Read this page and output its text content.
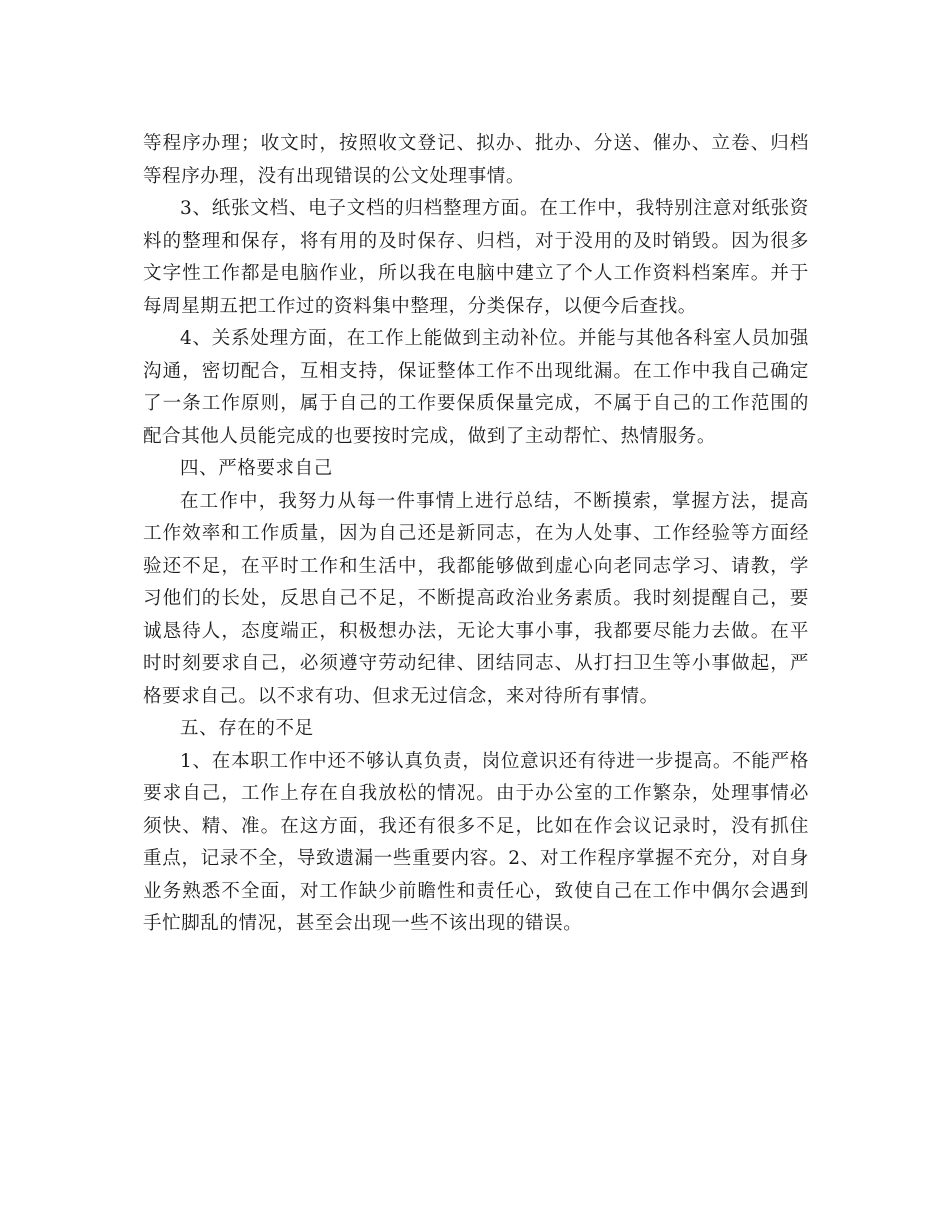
等程序办理；收文时，按照收文登记、拟办、批办、分送、催办、立卷、归档等程序办理，没有出现错误的公文处理事情。

3、纸张文档、电子文档的归档整理方面。在工作中，我特别注意对纸张资料的整理和保存，将有用的及时保存、归档，对于没用的及时销毁。因为很多文字性工作都是电脑作业，所以我在电脑中建立了个人工作资料档案库。并于每周星期五把工作过的资料集中整理，分类保存，以便今后查找。

4、关系处理方面，在工作上能做到主动补位。并能与其他各科室人员加强沟通，密切配合，互相支持，保证整体工作不出现纰漏。在工作中我自己确定了一条工作原则，属于自己的工作要保质保量完成，不属于自己的工作范围的配合其他人员能完成的也要按时完成，做到了主动帮忙、热情服务。

四、严格要求自己

在工作中，我努力从每一件事情上进行总结，不断摸索，掌握方法，提高工作效率和工作质量，因为自己还是新同志，在为人处事、工作经验等方面经验还不足，在平时工作和生活中，我都能够做到虚心向老同志学习、请教，学习他们的长处，反思自己不足，不断提高政治业务素质。我时刻提醒自己，要诚恳待人，态度端正，积极想办法，无论大事小事，我都要尽能力去做。在平时时刻要求自己，必须遵守劳动纪律、团结同志、从打扫卫生等小事做起，严格要求自己。以不求有功、但求无过信念，来对待所有事情。

五、存在的不足

1、在本职工作中还不够认真负责，岗位意识还有待进一步提高。不能严格要求自己，工作上存在自我放松的情况。由于办公室的工作繁杂，处理事情必须快、精、准。在这方面，我还有很多不足，比如在作会议记录时，没有抓住重点，记录不全，导致遗漏一些重要内容。2、对工作程序掌握不充分，对自身业务熟悉不全面，对工作缺少前瞻性和责任心，致使自己在工作中偶尔会遇到手忙脚乱的情况，甚至会出现一些不该出现的错误。
